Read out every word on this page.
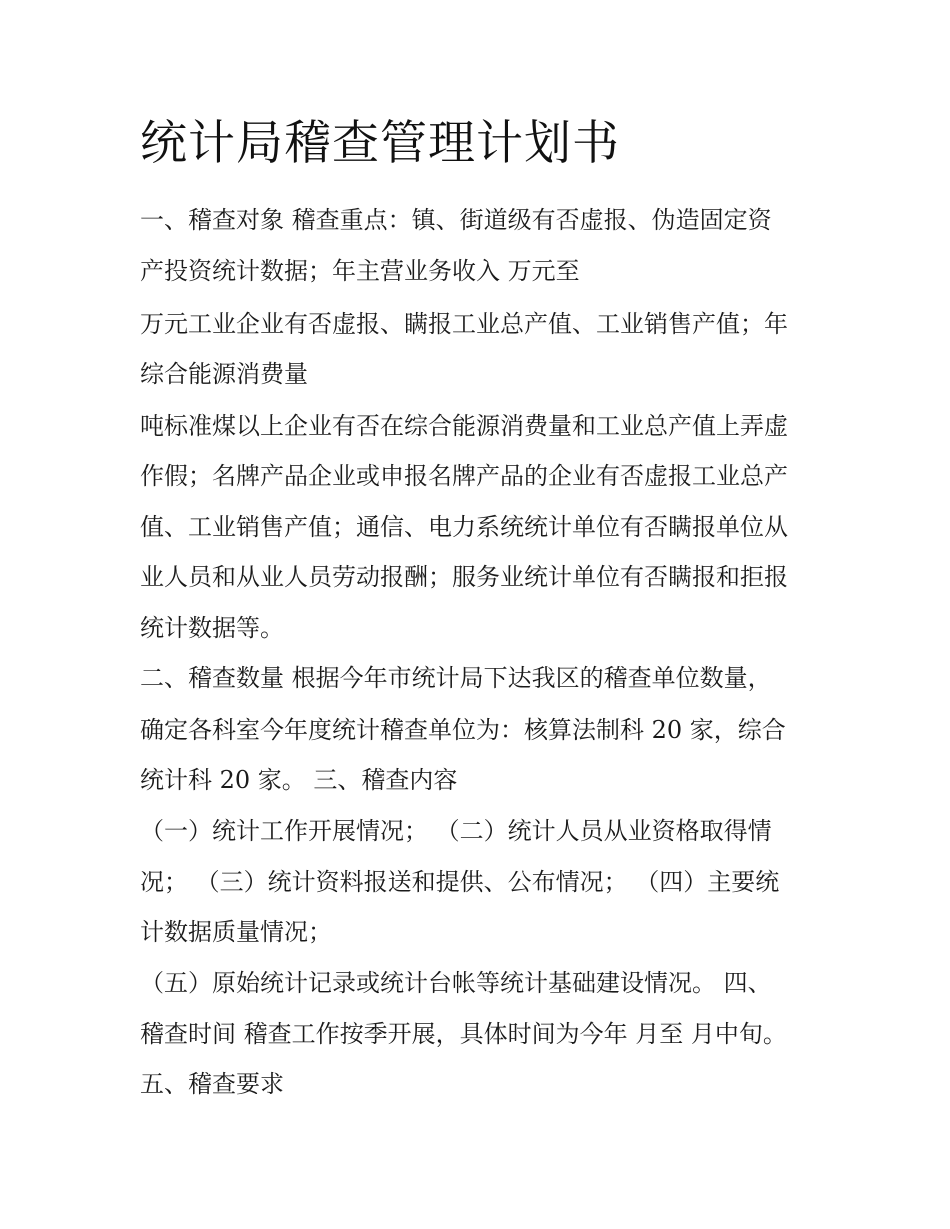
统计局稽查管理计划书

一、稽查对象 稽查重点：镇、街道级有否虚报、伪造固定资

产投资统计数据；年主营业务收入 万元至

万元工业企业有否虚报、瞒报工业总产值、工业销售产值；年

综合能源消费量

吨标准煤以上企业有否在综合能源消费量和工业总产值上弄虚

作假；名牌产品企业或申报名牌产品的企业有否虚报工业总产

值、工业销售产值；通信、电力系统统计单位有否瞒报单位从

业人员和从业人员劳动报酬；服务业统计单位有否瞒报和拒报

统计数据等。

二、稽查数量 根据今年市统计局下达我区的稽查单位数量，

确定各科室今年度统计稽查单位为：核算法制科 20 家，综合

统计科 20 家。 三、稽查内容

（一）统计工作开展情况； （二）统计人员从业资格取得情

况； （三）统计资料报送和提供、公布情况； （四）主要统

计数据质量情况；

（五）原始统计记录或统计台帐等统计基础建设情况。 四、

稽查时间 稽查工作按季开展，具体时间为今年 月至 月中旬。

五、稽查要求
